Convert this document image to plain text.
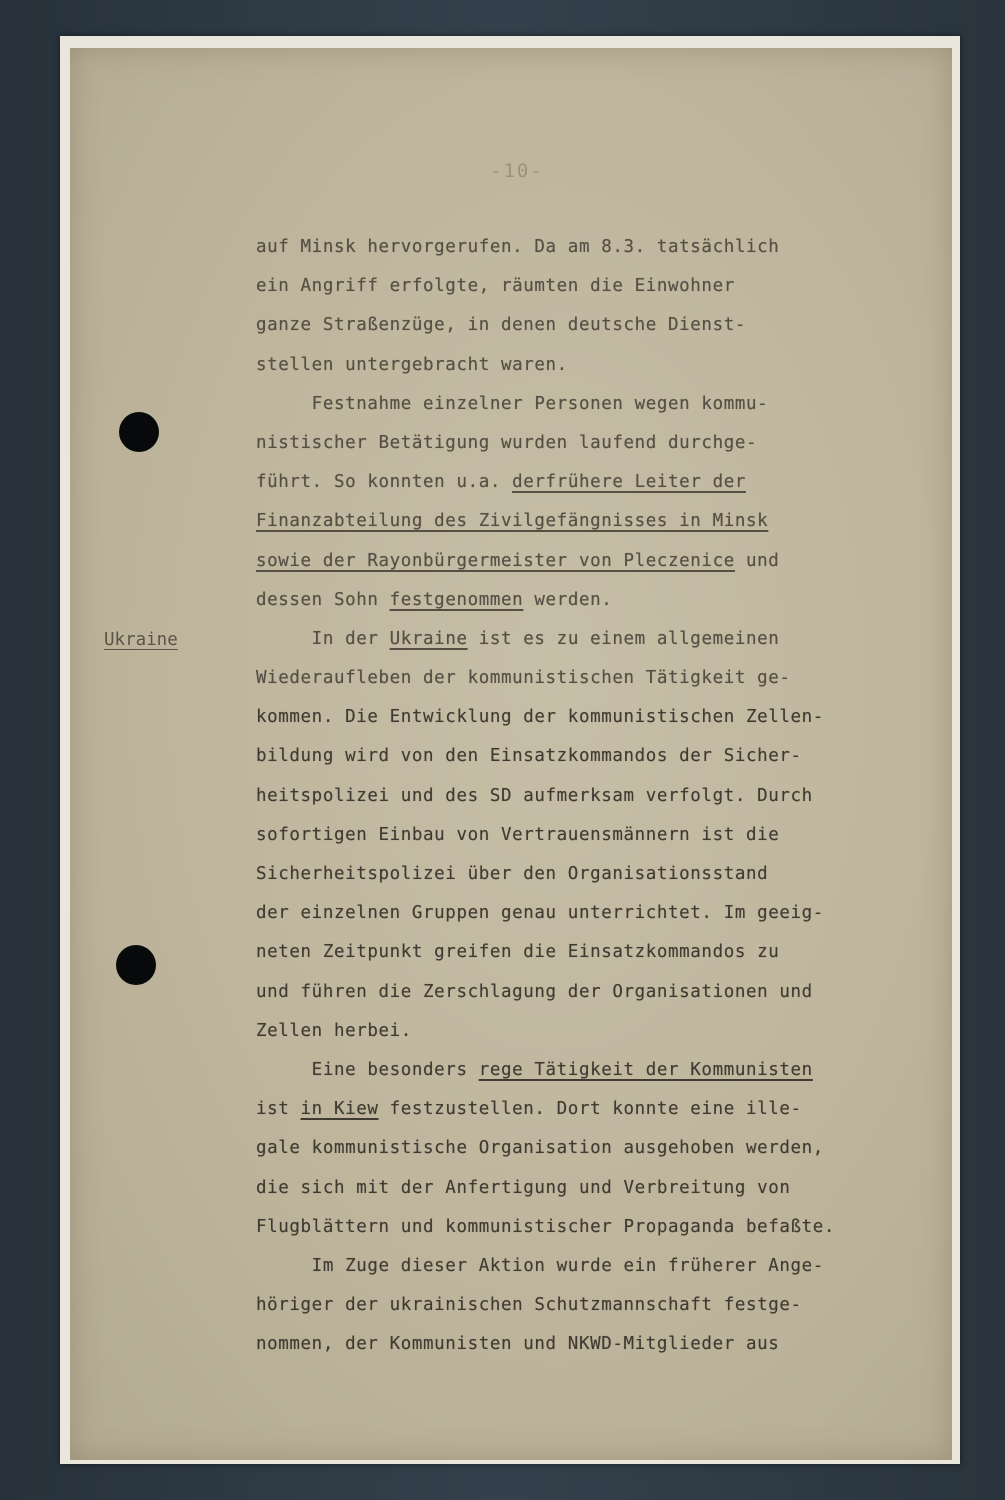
4073
71
-10-
Ukraine
auf Minsk hervorgerufen. Da am 8.3. tatsächlich
ein Angriff erfolgte, räumten die Einwohner
ganze Straßenzüge, in denen deutsche Dienst-
stellen untergebracht waren.
Festnahme einzelner Personen wegen kommu-
nistischer Betätigung wurden laufend durchge-
führt. So konnten u.a. derfrühere Leiter der
Finanzabteilung des Zivilgefängnisses in Minsk
sowie der Rayonbürgermeister von Pleczenice und
dessen Sohn festgenommen werden.
In der Ukraine ist es zu einem allgemeinen
Wiederaufleben der kommunistischen Tätigkeit ge-
kommen. Die Entwicklung der kommunistischen Zellen-
bildung wird von den Einsatzkommandos der Sicher-
heitspolizei und des SD aufmerksam verfolgt. Durch
sofortigen Einbau von Vertrauensmännern ist die
Sicherheitspolizei über den Organisationsstand
der einzelnen Gruppen genau unterrichtet. Im geeig-
neten Zeitpunkt greifen die Einsatzkommandos zu
und führen die Zerschlagung der Organisationen und
Zellen herbei.
Eine besonders rege Tätigkeit der Kommunisten
ist in Kiew festzustellen. Dort konnte eine ille-
gale kommunistische Organisation ausgehoben werden,
die sich mit der Anfertigung und Verbreitung von
Flugblättern und kommunistischer Propaganda befaßte.
Im Zuge dieser Aktion wurde ein früherer Ange-
höriger der ukrainischen Schutzmannschaft festge-
nommen, der Kommunisten und NKWD-Mitglieder aus
